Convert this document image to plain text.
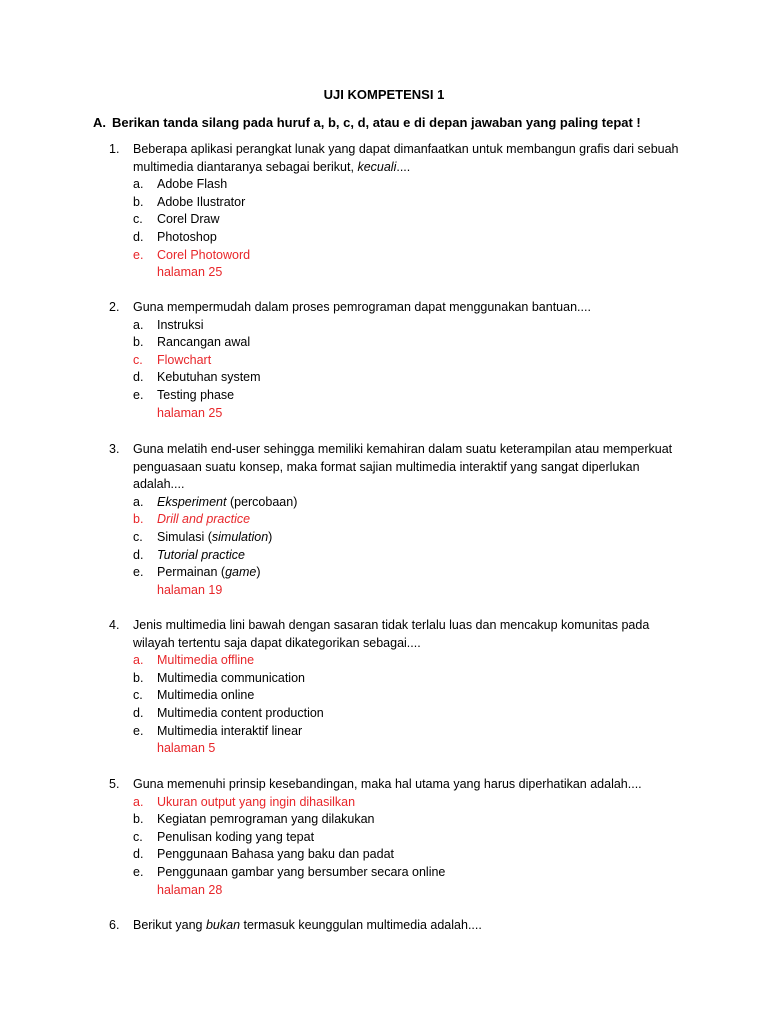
UJI KOMPETENSI 1
A. Berikan tanda silang pada huruf a, b, c, d, atau e di depan jawaban yang paling tepat !
1.	Beberapa aplikasi perangkat lunak yang dapat dimanfaatkan untuk membangun grafis dari sebuah multimedia diantaranya sebagai berikut, kecuali....
a.	Adobe Flash
b.	Adobe Ilustrator
c.	Corel Draw
d.	Photoshop
e.	Corel Photoword
halaman 25
2.	Guna mempermudah dalam proses pemrograman dapat menggunakan bantuan....
a.	Instruksi
b.	Rancangan awal
c.	Flowchart
d.	Kebutuhan system
e.	Testing phase
halaman 25
3.	Guna melatih end-user sehingga memiliki kemahiran dalam suatu keterampilan atau memperkuat penguasaan suatu konsep, maka format sajian multimedia interaktif yang sangat diperlukan adalah....
a.	Eksperiment (percobaan)
b.	Drill and practice
c.	Simulasi (simulation)
d.	Tutorial practice
e.	Permainan (game)
halaman 19
4.	Jenis multimedia lini bawah dengan sasaran tidak terlalu luas dan mencakup komunitas pada wilayah tertentu saja dapat dikategorikan sebagai....
a.	Multimedia offline
b.	Multimedia communication
c.	Multimedia online
d.	Multimedia content production
e.	Multimedia interaktif linear
halaman 5
5.	Guna memenuhi prinsip kesebandingan, maka hal utama yang harus diperhatikan adalah....
a.	Ukuran output yang ingin dihasilkan
b.	Kegiatan pemrograman yang dilakukan
c.	Penulisan koding yang tepat
d.	Penggunaan Bahasa yang baku dan padat
e.	Penggunaan gambar yang bersumber secara online
halaman 28
6.	Berikut yang bukan termasuk keunggulan multimedia adalah....
